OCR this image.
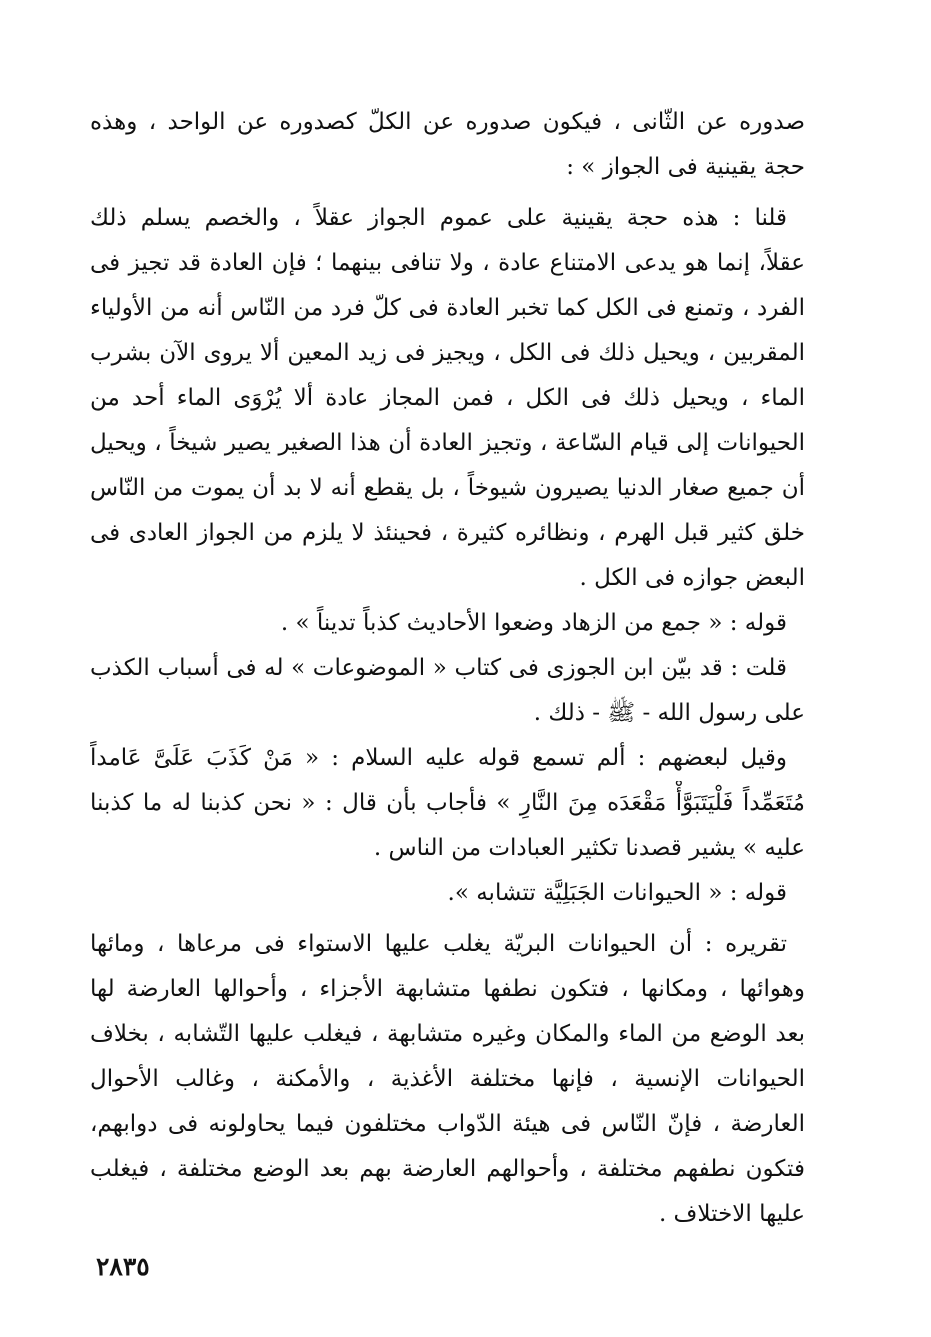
صدوره عن الثّانى ، فيكون صدوره عن الكلّ كصدوره عن الواحد ، وهذه
حجة يقينية فى الجواز » :
قلنا : هذه حجة يقينية على عموم الجواز عقلاً ، والخصم يسلم ذلك
عقلاً، إنما هو يدعى الامتناع عادة ، ولا تنافى بينهما ؛ فإن العادة قد تجيز فى
الفرد ، وتمنع فى الكل كما تخبر العادة فى كلّ فرد من النّاس أنه من الأولياء
المقربين ، ويحيل ذلك فى الكل ، ويجيز فى زيد المعين ألا يروى الآن بشرب
الماء ، ويحيل ذلك فى الكل ، فمن المجاز عادة ألا يُرْوَى الماء أحد من
الحيوانات إلى قيام السّاعة ، وتجيز العادة أن هذا الصغير يصير شيخاً ، ويحيل
أن جميع صغار الدنيا يصيرون شيوخاً ، بل يقطع أنه لا بد أن يموت من النّاس
خلق كثير قبل الهرم ، ونظائره كثيرة ، فحينئذ لا يلزم من الجواز العادى فى
البعض جوازه فى الكل .
قوله : « جمع من الزهاد وضعوا الأحاديث كذباً تديناً » .
قلت : قد بيّن ابن الجوزى فى كتاب « الموضوعات » له فى أسباب الكذب
على رسول الله - ﷺ - ذلك .
وقيل لبعضهم : ألم تسمع قوله عليه السلام : « مَنْ كَذَبَ عَلَىَّ عَامداً
مُتَعَمِّداً فَلْيَتَبَوَّأْ مَقْعَدَه مِنَ النَّارِ » فأجاب بأن قال : « نحن كذبنا له ما كذبنا
عليه » يشير قصدنا تكثير العبادات من الناس .
قوله : « الحيوانات الجَبَلِيَّة تتشابه ».
تقريره : أن الحيوانات البريّة يغلب عليها الاستواء فى مرعاها ، ومائها
وهوائها ، ومكانها ، فتكون نطفها متشابهة الأجزاء ، وأحوالها العارضة لها
بعد الوضع من الماء والمكان وغيره متشابهة ، فيغلب عليها التّشابه ، بخلاف
الحيوانات الإنسية ، فإنها مختلفة الأغذية ، والأمكنة ، وغالب الأحوال
العارضة ، فإنّ النّاس فى هيئة الدّواب مختلفون فيما يحاولونه فى دوابهم،
فتكون نطفهم مختلفة ، وأحوالهم العارضة بهم بعد الوضع مختلفة ، فيغلب
عليها الاختلاف .
٢٨٣٥
